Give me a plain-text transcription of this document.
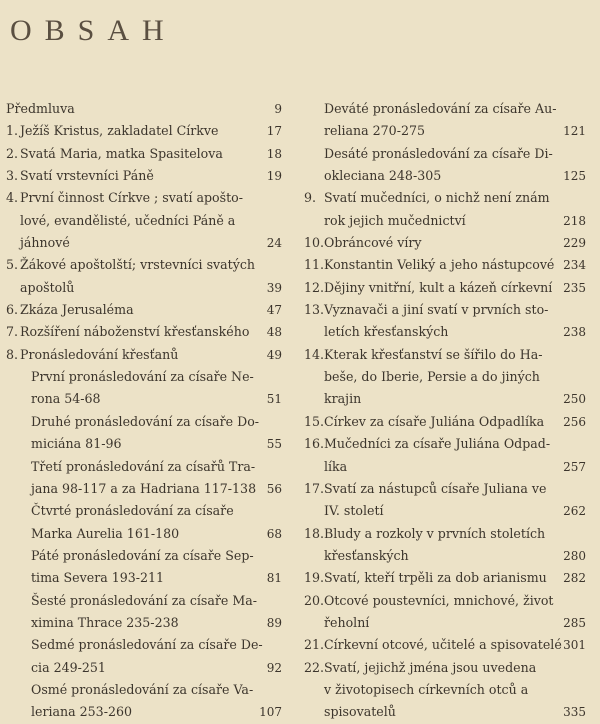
OBSAH
Předmluva	9
1. Ježíš Kristus, zakladatel Církve	17
2. Svatá Maria, matka Spasitelova	18
3. Svatí vrstevníci Páně	19
4. První činnost Církve ; svatí apošto-
lové, evandělisté, učedníci Páně a
jáhnové	24
5. Žákové apoštolští; vrstevníci svatých
apoštolů	39
6. Zkáza Jerusaléma	47
7. Rozšíření náboženství křesťanského	48
8. Pronásledování křesťanů	49
První pronásledování za císaře Ne-
rona 54-68	51
Druhé pronásledování za císaře Do-
miciána 81-96	55
Třetí pronásledování za císařů Tra-
jana 98-117 a za Hadriana 117-138 56
Čtvrté pronásledování za císaře
Marka Aurelia 161-180	68
Páté pronásledování za císaře Sep-
tima Severa 193-211	81
Šesté pronásledování za císaře Ma-
ximina Thrace 235-238	89
Sedmé pronásledování za císaře De-
cia 249-251	92
Osmé pronásledování za císaře Va-
leriana 253-260	107
Deváté pronásledování za císaře Au-
reliana 270-275	121
Desáté pronásledování za císaře Di-
okleciana 248-305	125
9. Svatí mučedníci, o nichž není znám
rok jejich mučednictví	218
10. Obráncové víry	229
11. Konstantin Veliký a jeho nástupcové 234
12. Dějiny vnitřní, kult a kázeň církevní 235
13. Vyznavači a jiní svatí v prvních sto-
letích křesťanských	238
14. Kterak křesťanství se šířilo do Ha-
beše, do Iberie, Persie a do jiných
krajin	250
15. Církev za císaře Juliána Odpadlíka	256
16. Mučedníci za císaře Juliána Odpad-
líka	257
17. Svatí za nástupců císaře Juliana ve
IV. století	262
18. Bludy a rozkoly v prvních stoletích
křesťanských	280
19. Svatí, kteří trpěli za dob arianismu	282
20. Otcové poustevníci, mnichové, život
řeholní	285
21. Církevní otcové, učitelé a spisovatelé 301
22. Svatí, jejichž jména jsou uvedena
v životopisech církevních otců a
spisovatelů	335
